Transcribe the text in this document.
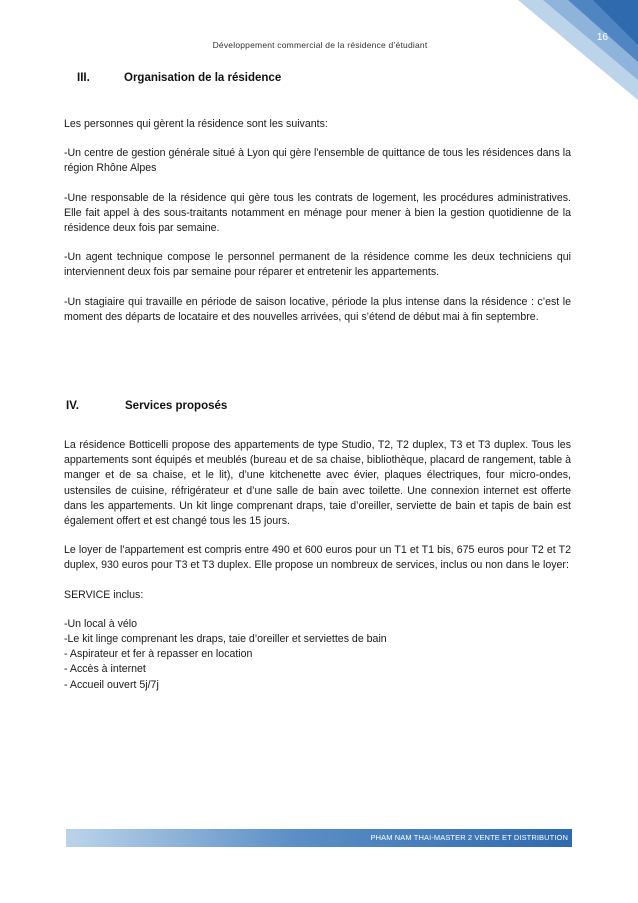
Développement commercial de la résidence d’étudiant
16
III.	Organisation de la résidence

Les personnes qui gèrent la résidence sont les suivants:

-Un centre de gestion générale situé à Lyon qui gère l'ensemble de quittance de tous les résidences dans la région Rhône Alpes

-Une responsable de la résidence qui gère tous les contrats de logement, les procédures administratives. Elle fait appel à des sous-traitants notamment en ménage pour mener à bien la gestion quotidienne de la résidence deux fois par semaine.

-Un agent technique compose le personnel permanent de la résidence comme les deux techniciens qui interviennent deux fois par semaine pour réparer et entretenir les appartements.

-Un stagiaire qui travaille en période de saison locative, période la plus intense dans la résidence : c’est le moment des départs de locataire et des nouvelles arrivées, qui s’étend de début mai à fin septembre.

IV.	Services proposés

La résidence Botticelli propose des appartements de type Studio, T2, T2 duplex, T3 et T3 duplex. Tous les appartements sont équipés et meublés (bureau et de sa chaise, bibliothèque, placard de rangement, table à manger et de sa chaise, et le lit), d’une kitchenette avec évier, plaques électriques, four micro-ondes, ustensiles de cuisine, réfrigérateur et d’une salle de bain avec toilette. Une connexion internet est offerte dans les appartements. Un kit linge comprenant draps, taie d’oreiller, serviette de bain et tapis de bain est également offert et est changé tous les 15 jours.

Le loyer de l’appartement est compris entre 490 et 600 euros pour un T1 et T1 bis, 675 euros pour T2 et T2 duplex, 930 euros pour T3 et T3 duplex. Elle propose un nombreux de services, inclus ou non dans le loyer:

SERVICE inclus:

-Un local à vélo

-Le kit linge comprenant les draps, taie d’oreiller et serviettes de bain

- Aspirateur et fer à repasser en location

- Accès à internet

- Accueil ouvert 5j/7j

PHAM NAM THAI-MASTER 2 VENTE ET DISTRIBUTION
